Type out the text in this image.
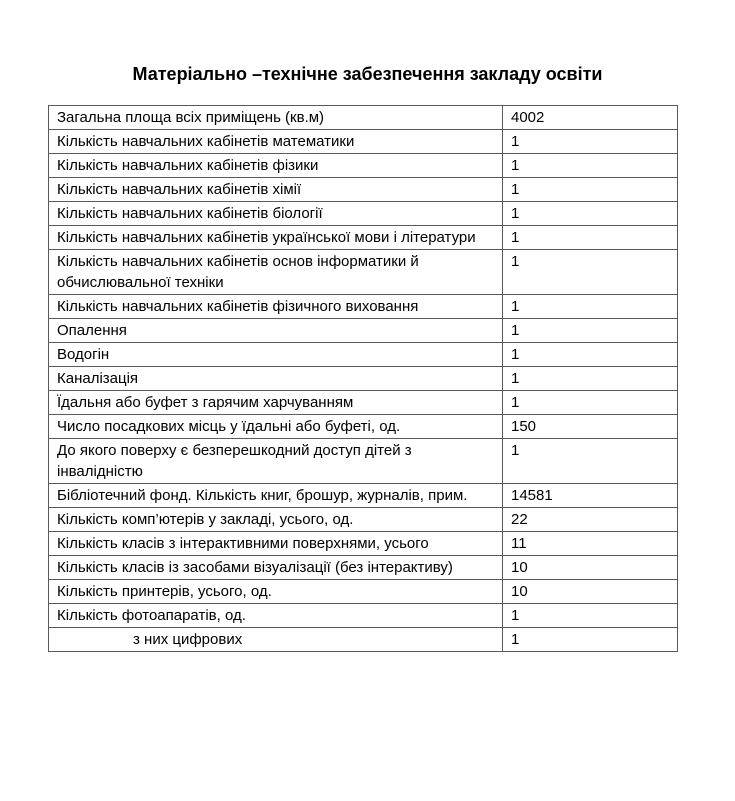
Матеріально –технічне забезпечення закладу освіти
Загальна площа всіх приміщень (кв.м)	4002
Кількість навчальних кабінетів математики	1
Кількість навчальних кабінетів фізики	1
Кількість навчальних кабінетів хімії	1
Кількість навчальних кабінетів біології	1
Кількість навчальних кабінетів української мови і літератури	1
Кількість навчальних кабінетів основ інформатики й обчислювальної техніки	1
Кількість навчальних кабінетів фізичного виховання	1
Опалення	1
Водогін	1
Каналізація	1
Їдальня або буфет з гарячим харчуванням	1
Число посадкових місць у їдальні або буфеті, од.	150
До якого поверху є безперешкодний доступ дітей з інвалідністю	1
Бібліотечний фонд. Кількість книг, брошур, журналів, прим.	14581
Кількість комп’ютерів у закладі, усього, од.	22
Кількість класів з інтерактивними поверхнями, усього	11
Кількість класів із засобами візуалізації (без інтерактиву)	10
Кількість принтерів, усього, од.	10
Кількість фотоапаратів, од.	1
з них цифрових	1
